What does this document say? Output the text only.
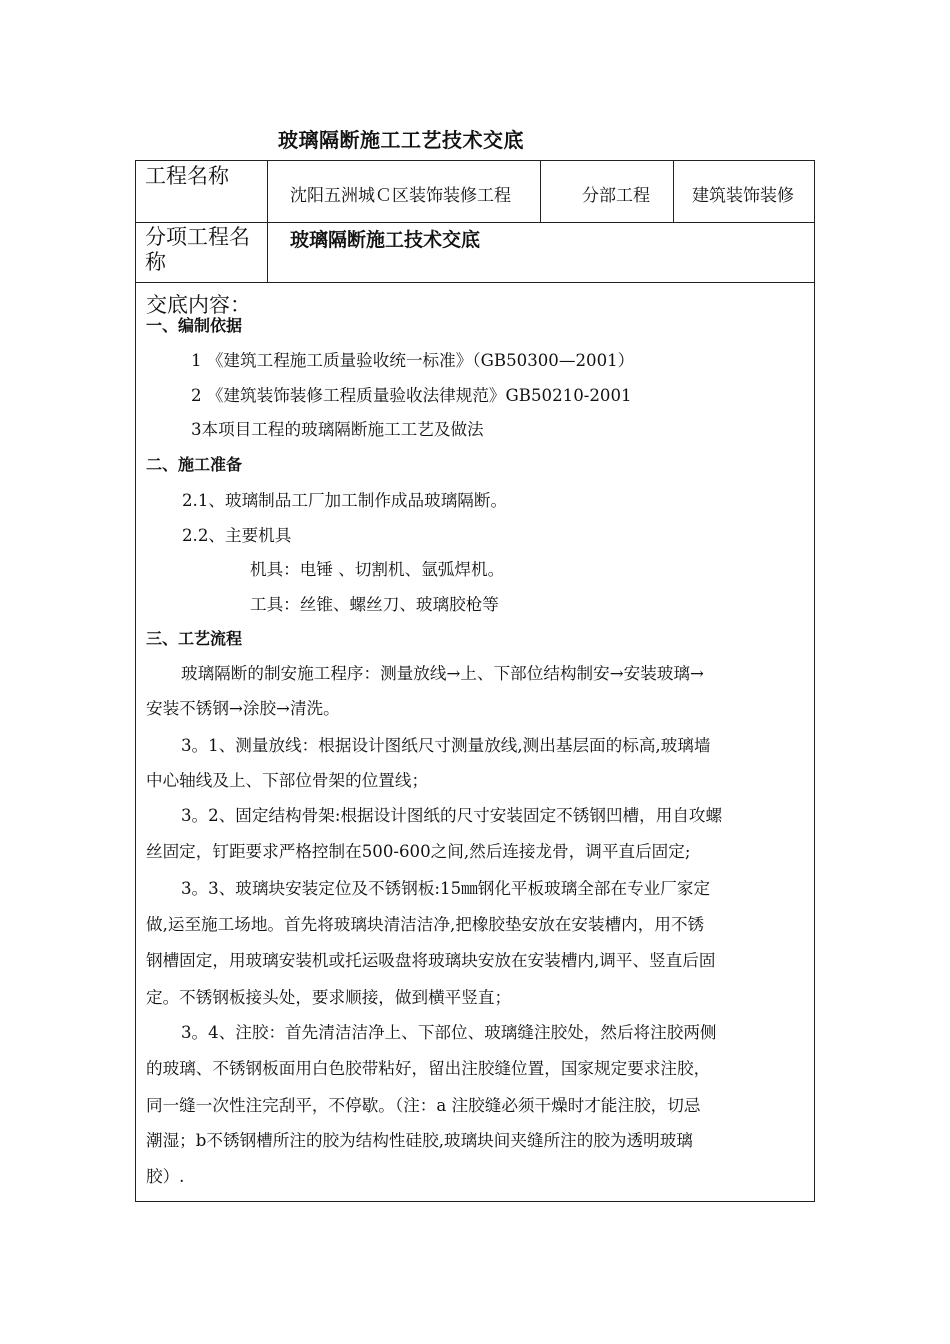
玻璃隔断施工工艺技术交底
工程名称
沈阳五洲城Ｃ区装饰装修工程	分部工程 建筑装饰装修
分项工程名
称
玻璃隔断施工技术交底
交底内容：
一、编制依据
1 《建筑工程施工质量验收统一标准》（GB50300—2001）
2 《建筑装饰装修工程质量验收法律规范》GB50210-2001
3本项目工程的玻璃隔断施工工艺及做法
二、施工准备
2.1、玻璃制品工厂加工制作成品玻璃隔断。
2.2、主要机具
机具：电锤 、切割机、氩弧焊机。
工具：丝锥、螺丝刀、玻璃胶枪等
三、工艺流程
玻璃隔断的制安施工程序：测量放线→上、下部位结构制安→安装玻璃→
安装不锈钢→涂胶→清洗。
3。1、测量放线：根据设计图纸尺寸测量放线,测出基层面的标高,玻璃墙
中心轴线及上、下部位骨架的位置线；
3。2、固定结构骨架:根据设计图纸的尺寸安装固定不锈钢凹槽，用自攻螺
丝固定，钉距要求严格控制在500-600之间,然后连接龙骨，调平直后固定;
3。3、玻璃块安装定位及不锈钢板:15㎜钢化平板玻璃全部在专业厂家定
做,运至施工场地。首先将玻璃块清洁洁净,把橡胶垫安放在安装槽内，用不锈
钢槽固定，用玻璃安装机或托运吸盘将玻璃块安放在安装槽内,调平、竖直后固
定。不锈钢板接头处，要求顺接，做到横平竖直；
3。4、注胶：首先清洁洁净上、下部位、玻璃缝注胶处，然后将注胶两侧
的玻璃、不锈钢板面用白色胶带粘好，留出注胶缝位置，国家规定要求注胶，
同一缝一次性注完刮平，不停歇。（注：a 注胶缝必须干燥时才能注胶，切忌
潮湿；b不锈钢槽所注的胶为结构性硅胶,玻璃块间夹缝所注的胶为透明玻璃
胶）.
